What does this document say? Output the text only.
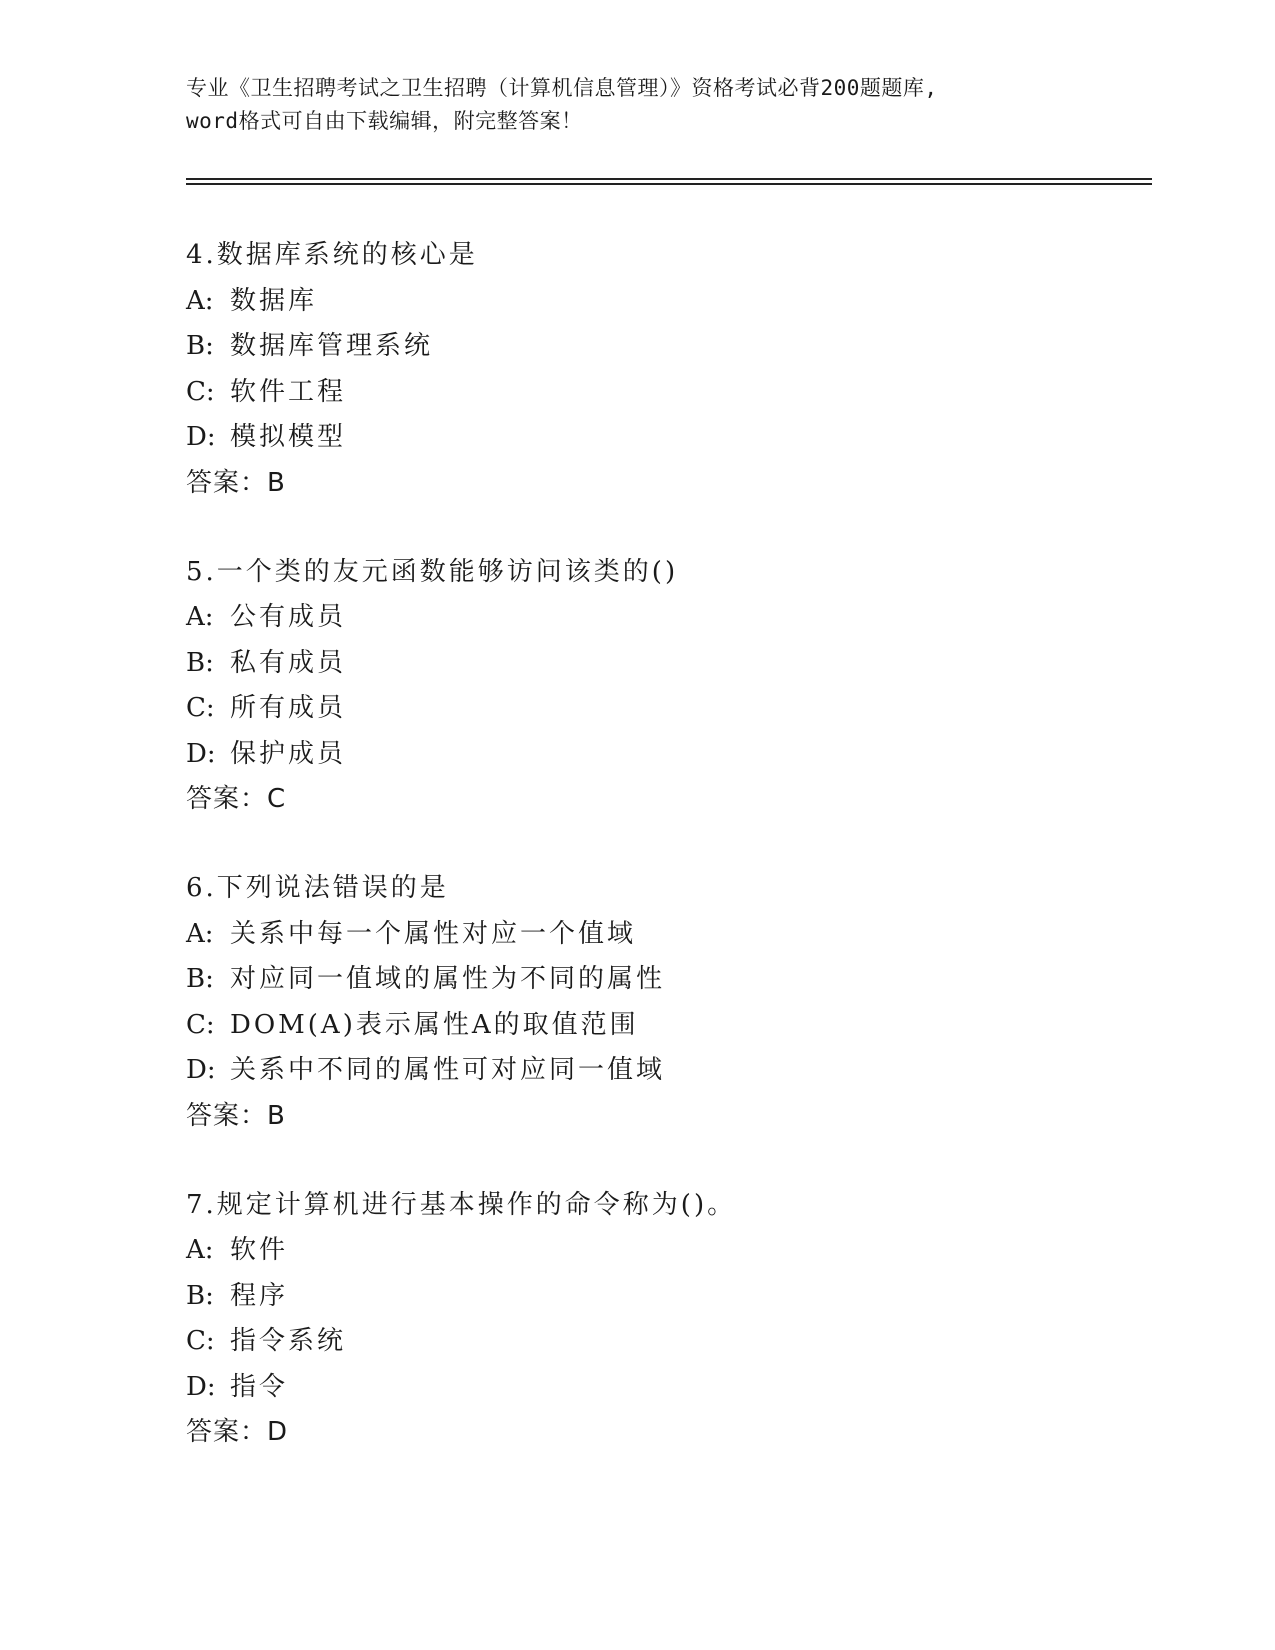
专业《卫生招聘考试之卫生招聘（计算机信息管理）》资格考试必背200题题库,
word格式可自由下载编辑，附完整答案！
4.数据库系统的核心是
A: 数据库
B: 数据库管理系统
C: 软件工程
D: 模拟模型
答案：B
5.一个类的友元函数能够访问该类的()
A: 公有成员
B: 私有成员
C: 所有成员
D: 保护成员
答案：C
6.下列说法错误的是
A: 关系中每一个属性对应一个值域
B: 对应同一值域的属性为不同的属性
C: DOM(A)表示属性A的取值范围
D: 关系中不同的属性可对应同一值域
答案：B
7.规定计算机进行基本操作的命令称为()。
A: 软件
B: 程序
C: 指令系统
D: 指令
答案：D
